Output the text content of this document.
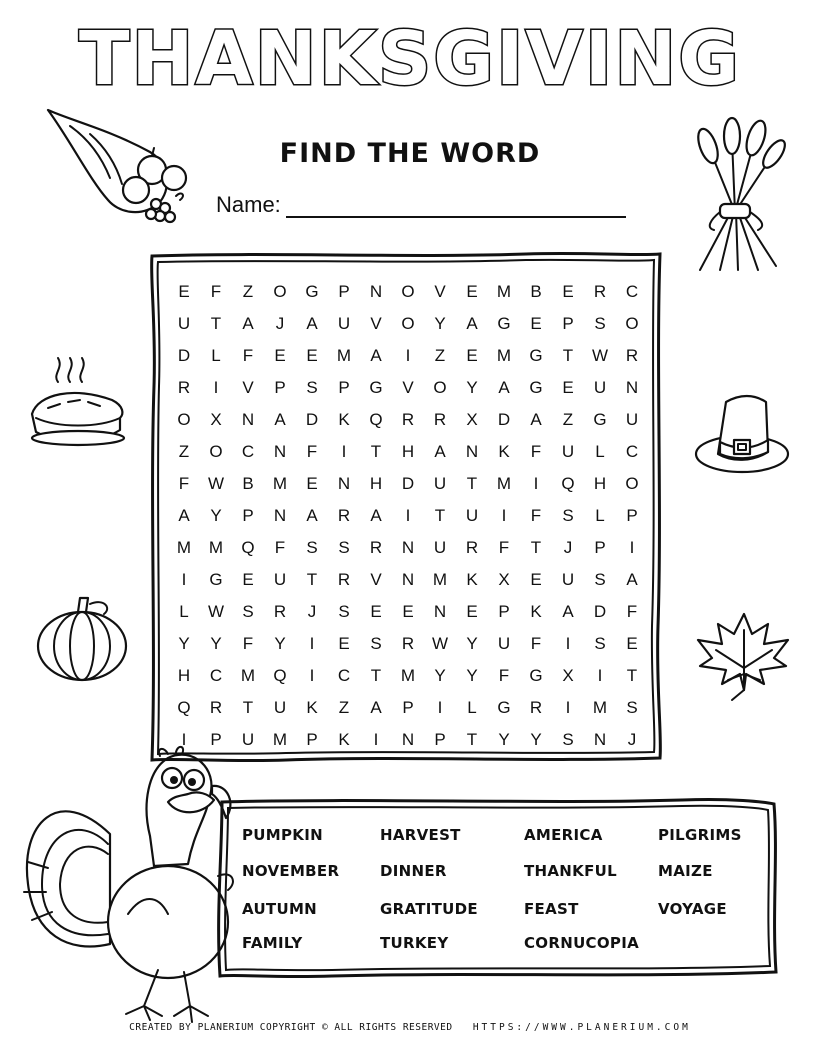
THANKSGIVING
FIND THE WORD
Name:
E	F	Z	O	G	P	N	O	V	E	M	B	E	R	C
U	T	A	J	A	U	V	O	Y	A	G	E	P	S	O
D	L	F	E	E	M	A	I	Z	E	M	G	T	W	R
R	I	V	P	S	P	G	V	O	Y	A	G	E	U	N
O	X	N	A	D	K	Q	R	R	X	D	A	Z	G	U
Z	O	C	N	F	I	T	H	A	N	K	F	U	L	C
F	W	B	M	E	N	H	D	U	T	M	I	Q	H	O
A	Y	P	N	A	R	A	I	T	U	I	F	S	L	P
M	M	Q	F	S	S	R	N	U	R	F	T	J	P	I
I	G	E	U	T	R	V	N	M	K	X	E	U	S	A
L	W	S	R	J	S	E	E	N	E	P	K	A	D	F
Y	Y	F	Y	I	E	S	R	W	Y	U	F	I	S	E
H	C	M	Q	I	C	T	M	Y	Y	F	G	X	I	T
Q	R	T	U	K	Z	A	P	I	L	G	R	I	M	S
I	P	U	M	P	K	I	N	P	T	Y	Y	S	N	J
PUMPKIN	HARVEST	AMERICA	PILGRIMS
NOVEMBER	DINNER	THANKFUL	MAIZE
AUTUMN	GRATITUDE	FEAST	VOYAGE
FAMILY	TURKEY	CORNUCOPIA
CREATED BY PLANERIUM COPYRIGHT © ALL RIGHTS RESERVED HTTPS://WWW.PLANERIUM.COM
